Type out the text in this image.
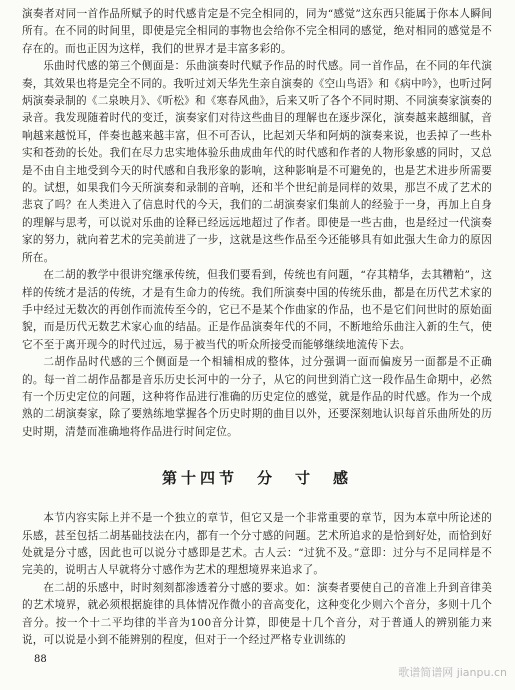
演奏者对同一首作品所赋予的时代感肯定是不完全相同的，同为“感觉”这东西只能属于你本人瞬间所有。在不同的时间里，即使是完全相同的事物也会给你不完全相同的感觉，绝对相同的感觉是不存在的。而也正因为这样，我们的世界才是丰富多彩的。

乐曲时代感的第三个侧面是：乐曲演奏时代赋予作品的时代感。同一首作品，在不同的年代演奏，其效果也将是完全不同的。我听过刘天华先生亲自演奏的《空山鸟语》和《病中吟》，也听过阿炳演奏录制的《二泉映月》、《听松》和《寒春风曲》，后来又听了各个不同时期、不同演奏家演奏的录音。我发现随着时代的变迁，演奏家们对待这些曲目的理解也在逐步深化，演奏越来越细腻，音响越来越悦耳，伴奏也越来越丰富，但不可否认，比起刘天华和阿炳的演奏来说，也丢掉了一些朴实和苍劲的长处。我们在尽力忠实地体验乐曲成曲年代的时代感和作者的人物形象感的同时，又总是不由自主地受到今天的时代感和自我形象的影响，这种影响是不可避免的，也是艺术进步所需要的。试想，如果我们今天所演奏和录制的音响，还和半个世纪前是同样的效果，那岂不成了艺术的悲哀了吗？在人类进入了信息时代的今天，我们的二胡演奏家们集前人的经验于一身，再加上自身的理解与思考，可以说对乐曲的诠释已经远远地超过了作者。即使是一些古曲，也是经过一代演奏家的努力，就向着艺术的完美前进了一步，这就是这些作品至今还能够具有如此强大生命力的原因所在。

在二胡的教学中很讲究继承传统，但我们要看到，传统也有问题，“存其精华，去其糟粕”，这样的传统才是活的传统，才是有生命力的传统。我们所演奏中国的传统乐曲，都是在历代艺术家的手中经过无数次的再创作而流传至今的，它已不是某个作曲家的作品，也不是它们问世时的原始面貌，而是历代无数艺术家心血的结晶。正是作品演奏年代的不同，不断地给乐曲注入新的生气，使它不至于离开现今的时代过远，易于被当代的听众所接受而能够继续地流传下去。

二胡作品时代感的三个侧面是一个相辅相成的整体，过分强调一面而偏废另一面都是不正确的。每一首二胡作品都是音乐历史长河中的一分子，从它的问世到消亡这一段作品生命期中，必然有一个历史定位的问题，这种将作品进行准确的历史定位的感觉，就是作品的时代感。作为一个成熟的二胡演奏家，除了要熟练地掌握各个历史时期的曲目以外，还要深刻地认识每首乐曲所处的历史时期，清楚而准确地将作品进行时间定位。

第十四节　分　寸　感

本节内容实际上并不是一个独立的章节，但它又是一个非常重要的章节，因为本章中所论述的乐感，甚至包括二胡基础技法在内，都有一个分寸感的问题。艺术所追求的是恰到好处，而恰到好处就是分寸感，因此也可以说分寸感即是艺术。古人云：“过犹不及。”意即：过分与不足同样是不完美的，说明古人早就将分寸感作为艺术的理想境界来追求了。

在二胡的乐感中，时时刻刻都渗透着分寸感的要求。如：演奏者要使自己的音准上升到音律美的艺术境界，就必须根据旋律的具体情况作微小的音高变化，这种变化少则六个音分，多则十几个音分。按一个十二平均律的半音为100音分计算，即使是十几个音分，对于普通人的辨别能力来说，可以说是小到不能辨别的程度，但对于一个经过严格专业训练的

88
歌谱简谱网 jianpu.cn
